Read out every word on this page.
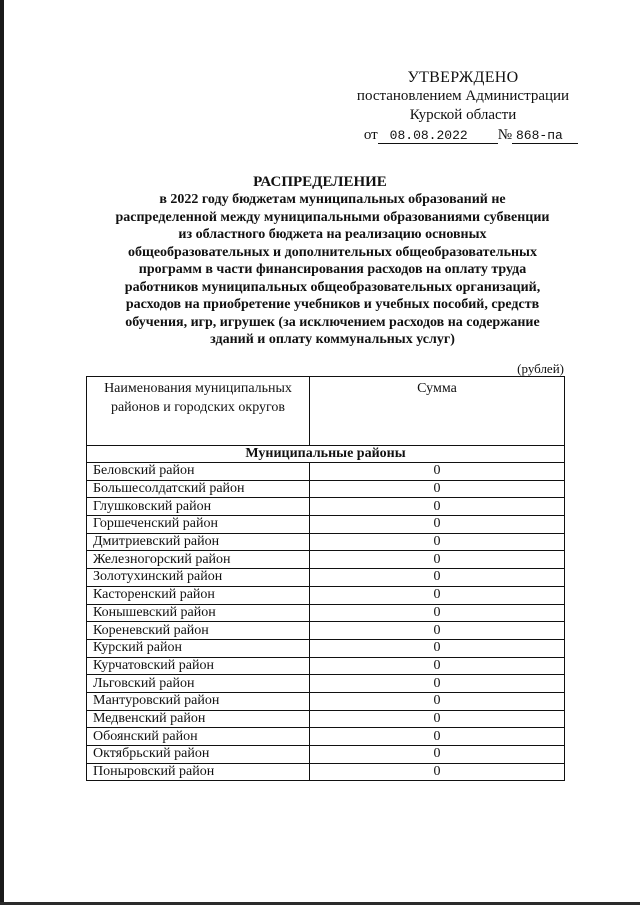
УТВЕРЖДЕНО
постановлением Администрации
Курской области
от 08.08.2022 № 868-па
РАСПРЕДЕЛЕНИЕ
в 2022 году бюджетам муниципальных образований не
распределенной между муниципальными образованиями субвенции
из областного бюджета на реализацию основных
общеобразовательных и дополнительных общеобразовательных
программ в части финансирования расходов на оплату труда
работников муниципальных общеобразовательных организаций,
расходов на приобретение учебников и учебных пособий, средств
обучения, игр, игрушек (за исключением расходов на содержание
зданий и оплату коммунальных услуг)
(рублей)
Наименования муниципальных районов и городских округов	Сумма
Муниципальные районы	
Беловский район	0
Большесолдатский район	0
Глушковский район	0
Горшеченский район	0
Дмитриевский район	0
Железногорский район	0
Золотухинский район	0
Касторенский район	0
Конышевский район	0
Кореневский район	0
Курский район	0
Курчатовский район	0
Льговский район	0
Мантуровский район	0
Медвенский район	0
Обоянский район	0
Октябрьский район	0
Поныровский район	0
